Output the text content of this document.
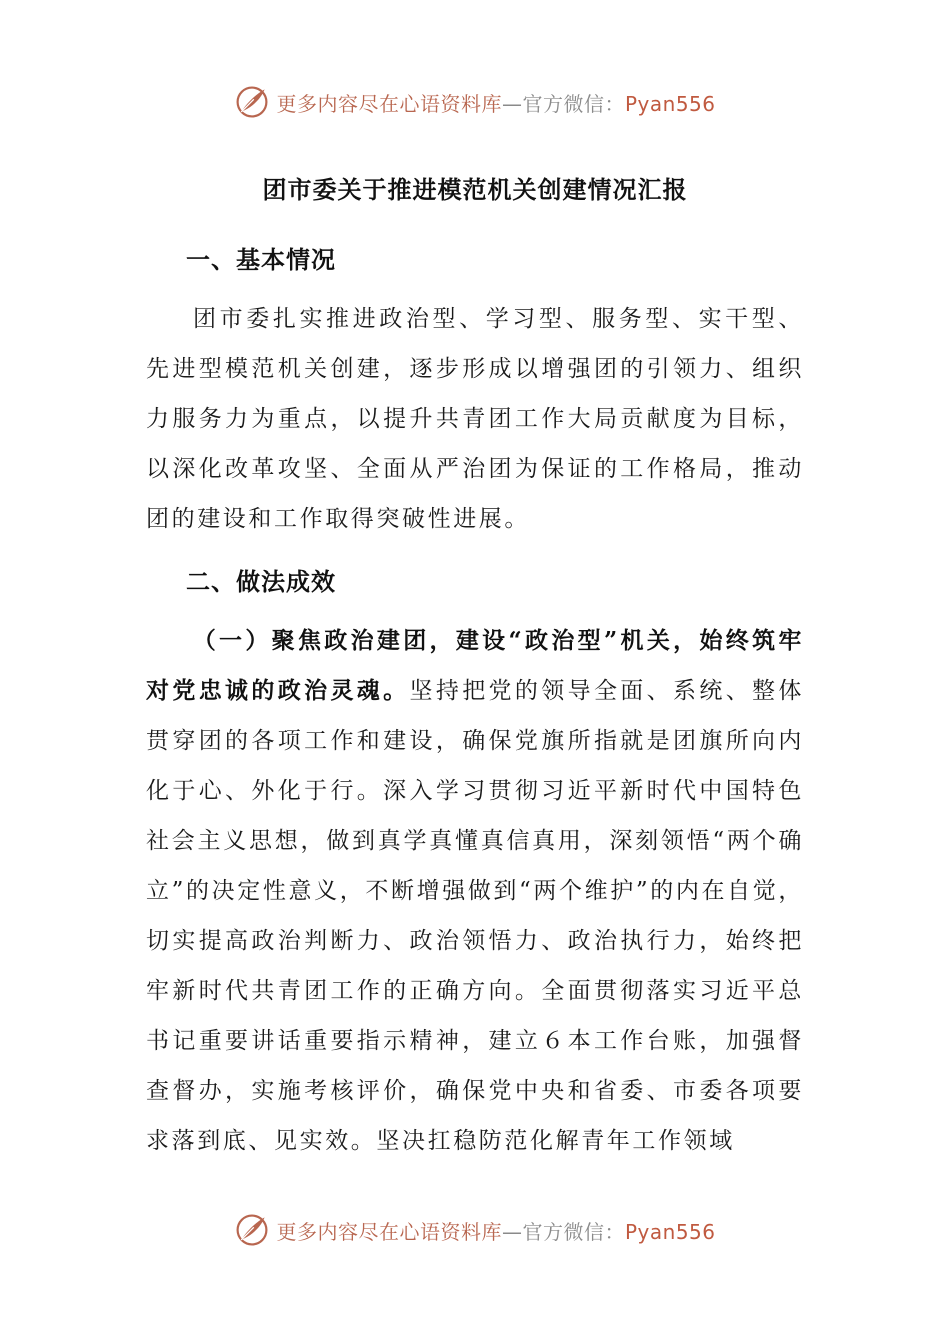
更多内容尽在心语资料库—官方微信：Pyan556
团市委关于推进模范机关创建情况汇报
一、基本情况

团市委扎实推进政治型、学习型、服务型、实干型、先进型模范机关创建，逐步形成以增强团的引领力、组织力服务力为重点，以提升共青团工作大局贡献度为目标，以深化改革攻坚、全面从严治团为保证的工作格局，推动团的建设和工作取得突破性进展。

二、做法成效

（一）聚焦政治建团，建设“政治型”机关，始终筑牢对党忠诚的政治灵魂。坚持把党的领导全面、系统、整体贯穿团的各项工作和建设，确保党旗所指就是团旗所向内化于心、外化于行。深入学习贯彻习近平新时代中国特色社会主义思想，做到真学真懂真信真用，深刻领悟“两个确立”的决定性意义，不断增强做到“两个维护”的内在自觉，切实提高政治判断力、政治领悟力、政治执行力，始终把牢新时代共青团工作的正确方向。全面贯彻落实习近平总书记重要讲话重要指示精神，建立６本工作台账，加强督查督办，实施考核评价，确保党中央和省委、市委各项要求落到底、见实效。坚决扛稳防范化解青年工作领域

更多内容尽在心语资料库—官方微信：Pyan556
